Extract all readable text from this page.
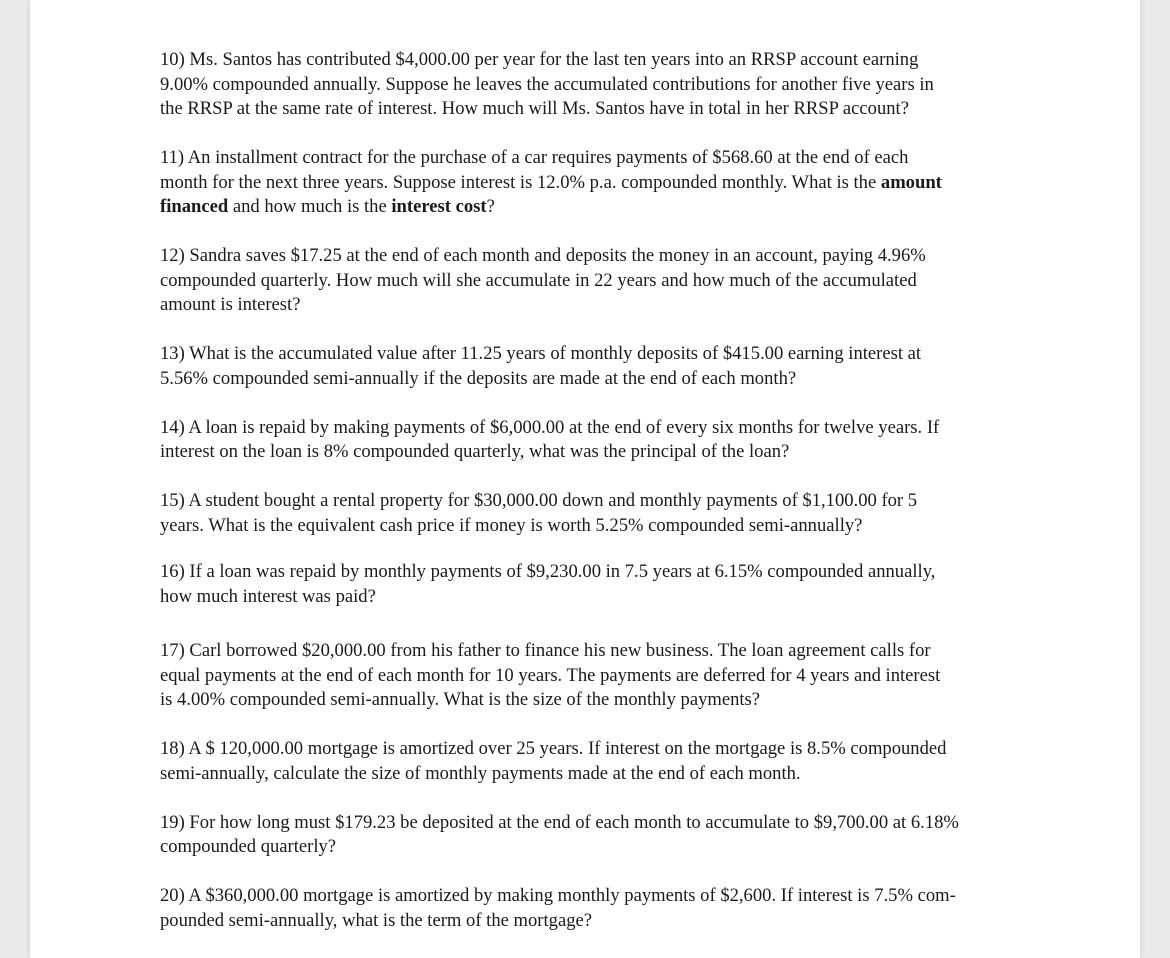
10) Ms. Santos has contributed $4,000.00 per year for the last ten years into an RRSP account earning
9.00% compounded annually. Suppose he leaves the accumulated contributions for another five years in
the RRSP at the same rate of interest. How much will Ms. Santos have in total in her RRSP account?

11) An installment contract for the purchase of a car requires payments of $568.60 at the end of each
month for the next three years. Suppose interest is 12.0% p.a. compounded monthly. What is the amount
financed and how much is the interest cost?

12) Sandra saves $17.25 at the end of each month and deposits the money in an account, paying 4.96%
compounded quarterly. How much will she accumulate in 22 years and how much of the accumulated
amount is interest?

13) What is the accumulated value after 11.25 years of monthly deposits of $415.00 earning interest at
5.56% compounded semi-annually if the deposits are made at the end of each month?

14) A loan is repaid by making payments of $6,000.00 at the end of every six months for twelve years. If
interest on the loan is 8% compounded quarterly, what was the principal of the loan?

15) A student bought a rental property for $30,000.00 down and monthly payments of $1,100.00 for 5
years. What is the equivalent cash price if money is worth 5.25% compounded semi-annually?

16) If a loan was repaid by monthly payments of $9,230.00 in 7.5 years at 6.15% compounded annually,
how much interest was paid?

17) Carl borrowed $20,000.00 from his father to finance his new business. The loan agreement calls for
equal payments at the end of each month for 10 years. The payments are deferred for 4 years and interest
is 4.00% compounded semi-annually. What is the size of the monthly payments?

18) A $ 120,000.00 mortgage is amortized over 25 years. If interest on the mortgage is 8.5% compounded
semi-annually, calculate the size of monthly payments made at the end of each month.

19) For how long must $179.23 be deposited at the end of each month to accumulate to $9,700.00 at 6.18%
compounded quarterly?

20) A $360,000.00 mortgage is amortized by making monthly payments of $2,600. If interest is 7.5% com-
pounded semi-annually, what is the term of the mortgage?
